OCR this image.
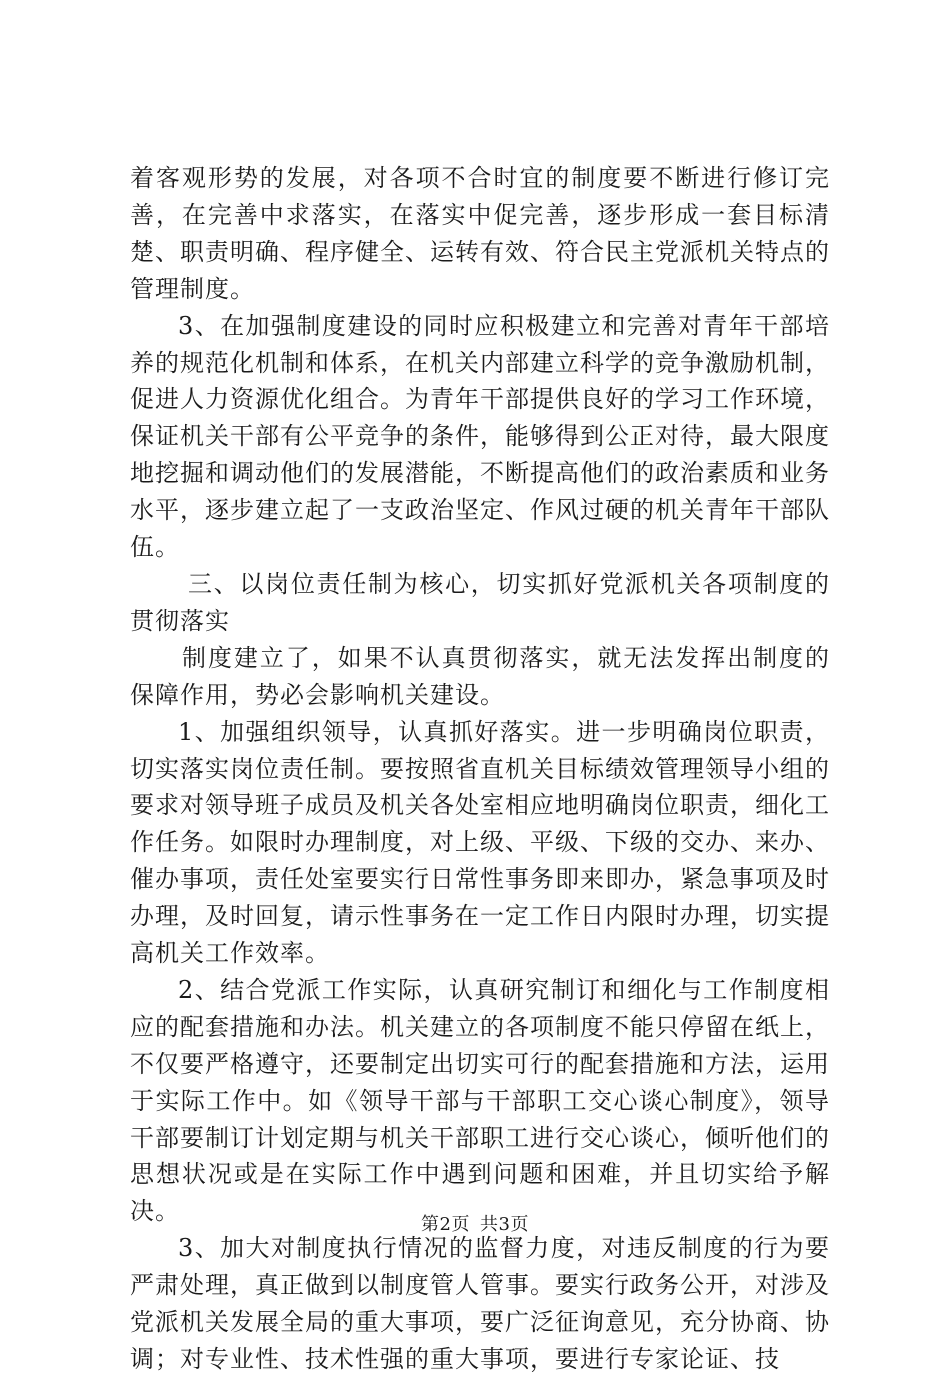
着客观形势的发展，对各项不合时宜的制度要不断进行修订完善，在完善中求落实，在落实中促完善，逐步形成一套目标清楚、职责明确、程序健全、运转有效、符合民主党派机关特点的管理制度。

3、在加强制度建设的同时应积极建立和完善对青年干部培养的规范化机制和体系，在机关内部建立科学的竞争激励机制，促进人力资源优化组合。为青年干部提供良好的学习工作环境，保证机关干部有公平竞争的条件，能够得到公正对待，最大限度地挖掘和调动他们的发展潜能，不断提高他们的政治素质和业务水平，逐步建立起了一支政治坚定、作风过硬的机关青年干部队伍。

三、以岗位责任制为核心，切实抓好党派机关各项制度的贯彻落实

制度建立了，如果不认真贯彻落实，就无法发挥出制度的保障作用，势必会影响机关建设。

1、加强组织领导，认真抓好落实。进一步明确岗位职责，切实落实岗位责任制。要按照省直机关目标绩效管理领导小组的要求对领导班子成员及机关各处室相应地明确岗位职责，细化工作任务。如限时办理制度，对上级、平级、下级的交办、来办、催办事项，责任处室要实行日常性事务即来即办，紧急事项及时办理，及时回复，请示性事务在一定工作日内限时办理，切实提高机关工作效率。

2、结合党派工作实际，认真研究制订和细化与工作制度相应的配套措施和办法。机关建立的各项制度不能只停留在纸上，不仅要严格遵守，还要制定出切实可行的配套措施和方法，运用于实际工作中。如《领导干部与干部职工交心谈心制度》，领导干部要制订计划定期与机关干部职工进行交心谈心，倾听他们的思想状况或是在实际工作中遇到问题和困难，并且切实给予解决。

3、加大对制度执行情况的监督力度，对违反制度的行为要严肃处理，真正做到以制度管人管事。要实行政务公开，对涉及党派机关发展全局的重大事项，要广泛征询意见，充分协商、协调；对专业性、技术性强的重大事项，要进行专家论证、技

第2页 共3页
